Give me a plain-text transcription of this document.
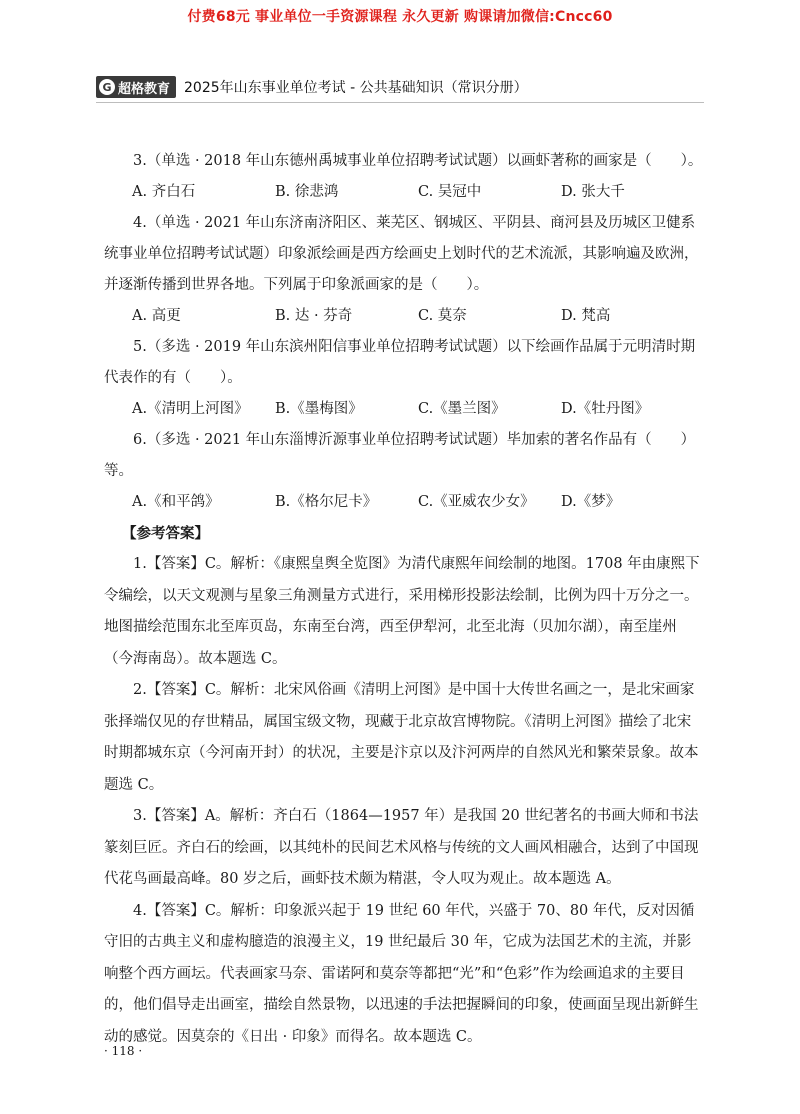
付费68元 事业单位一手资源课程 永久更新 购课请加微信:Cncc60
G 超格教育 2025年山东事业单位考试 - 公共基础知识（常识分册）

3.（单选 · 2018 年山东德州禹城事业单位招聘考试试题）以画虾著称的画家是（　　）。

A. 齐白石	B. 徐悲鸿	C. 吴冠中	D. 张大千

4.（单选 · 2021 年山东济南济阳区、莱芜区、钢城区、平阴县、商河县及历城区卫健系统事业单位招聘考试试题）印象派绘画是西方绘画史上划时代的艺术流派，其影响遍及欧洲，并逐渐传播到世界各地。下列属于印象派画家的是（　　）。

A. 高更	B. 达 · 芬奇	C. 莫奈	D. 梵高

5.（多选 · 2019 年山东滨州阳信事业单位招聘考试试题）以下绘画作品属于元明清时期代表作的有（　　）。

A.《清明上河图》	B.《墨梅图》	C.《墨兰图》	D.《牡丹图》

6.（多选 · 2021 年山东淄博沂源事业单位招聘考试试题）毕加索的著名作品有（　　）等。

A.《和平鸽》	B.《格尔尼卡》	C.《亚威农少女》	D.《梦》

【参考答案】

1.【答案】C。解析：《康熙皇舆全览图》为清代康熙年间绘制的地图。1708 年由康熙下令编绘，以天文观测与星象三角测量方式进行，采用梯形投影法绘制，比例为四十万分之一。地图描绘范围东北至库页岛，东南至台湾，西至伊犁河，北至北海（贝加尔湖），南至崖州（今海南岛）。故本题选 C。

2.【答案】C。解析：北宋风俗画《清明上河图》是中国十大传世名画之一，是北宋画家张择端仅见的存世精品，属国宝级文物，现藏于北京故宫博物院。《清明上河图》描绘了北宋时期都城东京（今河南开封）的状况，主要是汴京以及汴河两岸的自然风光和繁荣景象。故本题选 C。

3.【答案】A。解析：齐白石（1864—1957 年）是我国 20 世纪著名的书画大师和书法篆刻巨匠。齐白石的绘画，以其纯朴的民间艺术风格与传统的文人画风相融合，达到了中国现代花鸟画最高峰。80 岁之后，画虾技术颇为精湛，令人叹为观止。故本题选 A。

4.【答案】C。解析：印象派兴起于 19 世纪 60 年代，兴盛于 70、80 年代，反对因循守旧的古典主义和虚构臆造的浪漫主义，19 世纪最后 30 年，它成为法国艺术的主流，并影响整个西方画坛。代表画家马奈、雷诺阿和莫奈等都把“光”和“色彩”作为绘画追求的主要目的，他们倡导走出画室，描绘自然景物，以迅速的手法把握瞬间的印象，使画面呈现出新鲜生动的感觉。因莫奈的《日出 · 印象》而得名。故本题选 C。

· 118 ·
